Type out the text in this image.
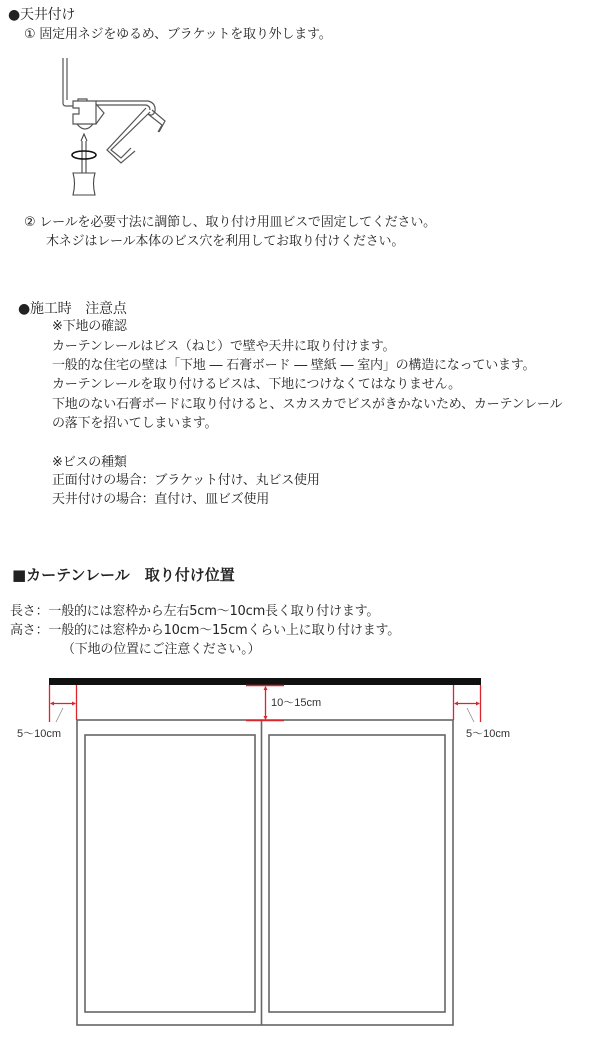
●天井付け
① 固定用ネジをゆるめ、ブラケットを取り外します。
② レールを必要寸法に調節し、取り付け用皿ビスで固定してください。
木ネジはレール本体のビス穴を利用してお取り付けください。
●施工時　注意点
※下地の確認
カーテンレールはビス（ねじ）で壁や天井に取り付けます。
一般的な住宅の壁は「下地 ― 石膏ボード ― 壁紙 ― 室内」の構造になっています。
カーテンレールを取り付けるビスは、下地につけなくてはなりません。
下地のない石膏ボードに取り付けると、スカスカでビスがきかないため、カーテンレール
の落下を招いてしまいます。
※ビスの種類
正面付けの場合：ブラケット付け、丸ビス使用
天井付けの場合：直付け、皿ビズ使用
■カーテンレール　取り付け位置
長さ：一般的には窓枠から左右5cm～10cm長く取り付けます。
高さ：一般的には窓枠から10cm～15cmくらい上に取り付けます。
（下地の位置にご注意ください。）
5～10cm	5～10cm
10～15cm
